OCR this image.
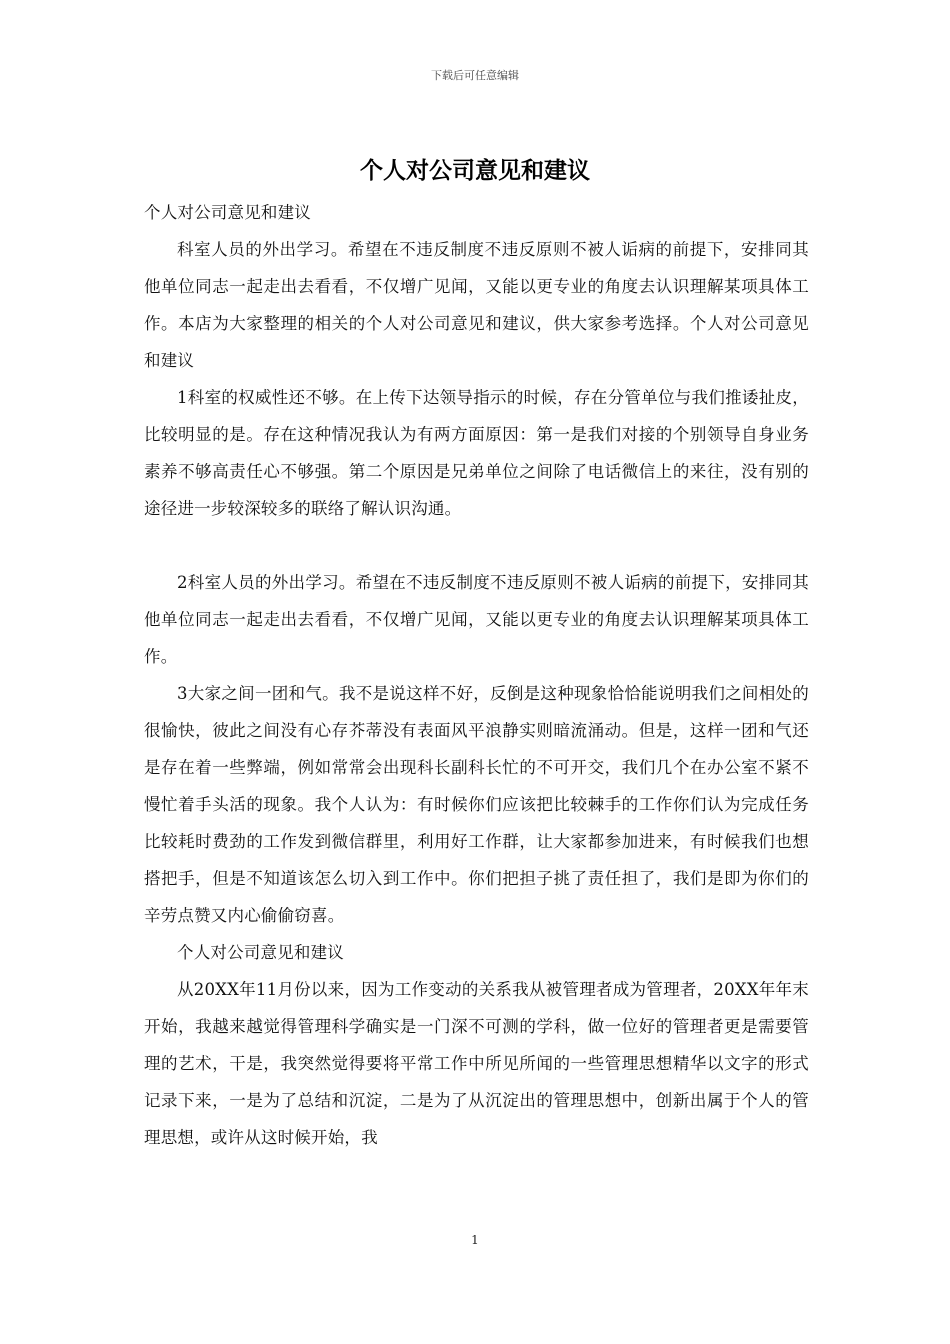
下载后可任意编辑
个人对公司意见和建议

个人对公司意见和建议

科室人员的外出学习。希望在不违反制度不违反原则不被人诟病的前提下，安排同其他单位同志一起走出去看看，不仅增广见闻，又能以更专业的角度去认识理解某项具体工作。本店为大家整理的相关的个人对公司意见和建议，供大家参考选择。个人对公司意见和建议

1科室的权威性还不够。在上传下达领导指示的时候，存在分管单位与我们推诿扯皮，比较明显的是。存在这种情况我认为有两方面原因：第一是我们对接的个别领导自身业务素养不够高责任心不够强。第二个原因是兄弟单位之间除了电话微信上的来往，没有别的途径进一步较深较多的联络了解认识沟通。

2科室人员的外出学习。希望在不违反制度不违反原则不被人诟病的前提下，安排同其他单位同志一起走出去看看，不仅增广见闻，又能以更专业的角度去认识理解某项具体工作。

3大家之间一团和气。我不是说这样不好，反倒是这种现象恰恰能说明我们之间相处的很愉快，彼此之间没有心存芥蒂没有表面风平浪静实则暗流涌动。但是，这样一团和气还是存在着一些弊端，例如常常会出现科长副科长忙的不可开交，我们几个在办公室不紧不慢忙着手头活的现象。我个人认为：有时候你们应该把比较棘手的工作你们认为完成任务比较耗时费劲的工作发到微信群里，利用好工作群，让大家都参加进来，有时候我们也想搭把手，但是不知道该怎么切入到工作中。你们把担子挑了责任担了，我们是即为你们的辛劳点赞又内心偷偷窃喜。

个人对公司意见和建议

从20XX年11月份以来，因为工作变动的关系我从被管理者成为管理者，20XX年年末开始，我越来越觉得管理科学确实是一门深不可测的学科，做一位好的管理者更是需要管理的艺术，干是，我突然觉得要将平常工作中所见所闻的一些管理思想精华以文字的形式记录下来，一是为了总结和沉淀，二是为了从沉淀出的管理思想中，创新出属于个人的管理思想，或许从这时候开始，我

1
